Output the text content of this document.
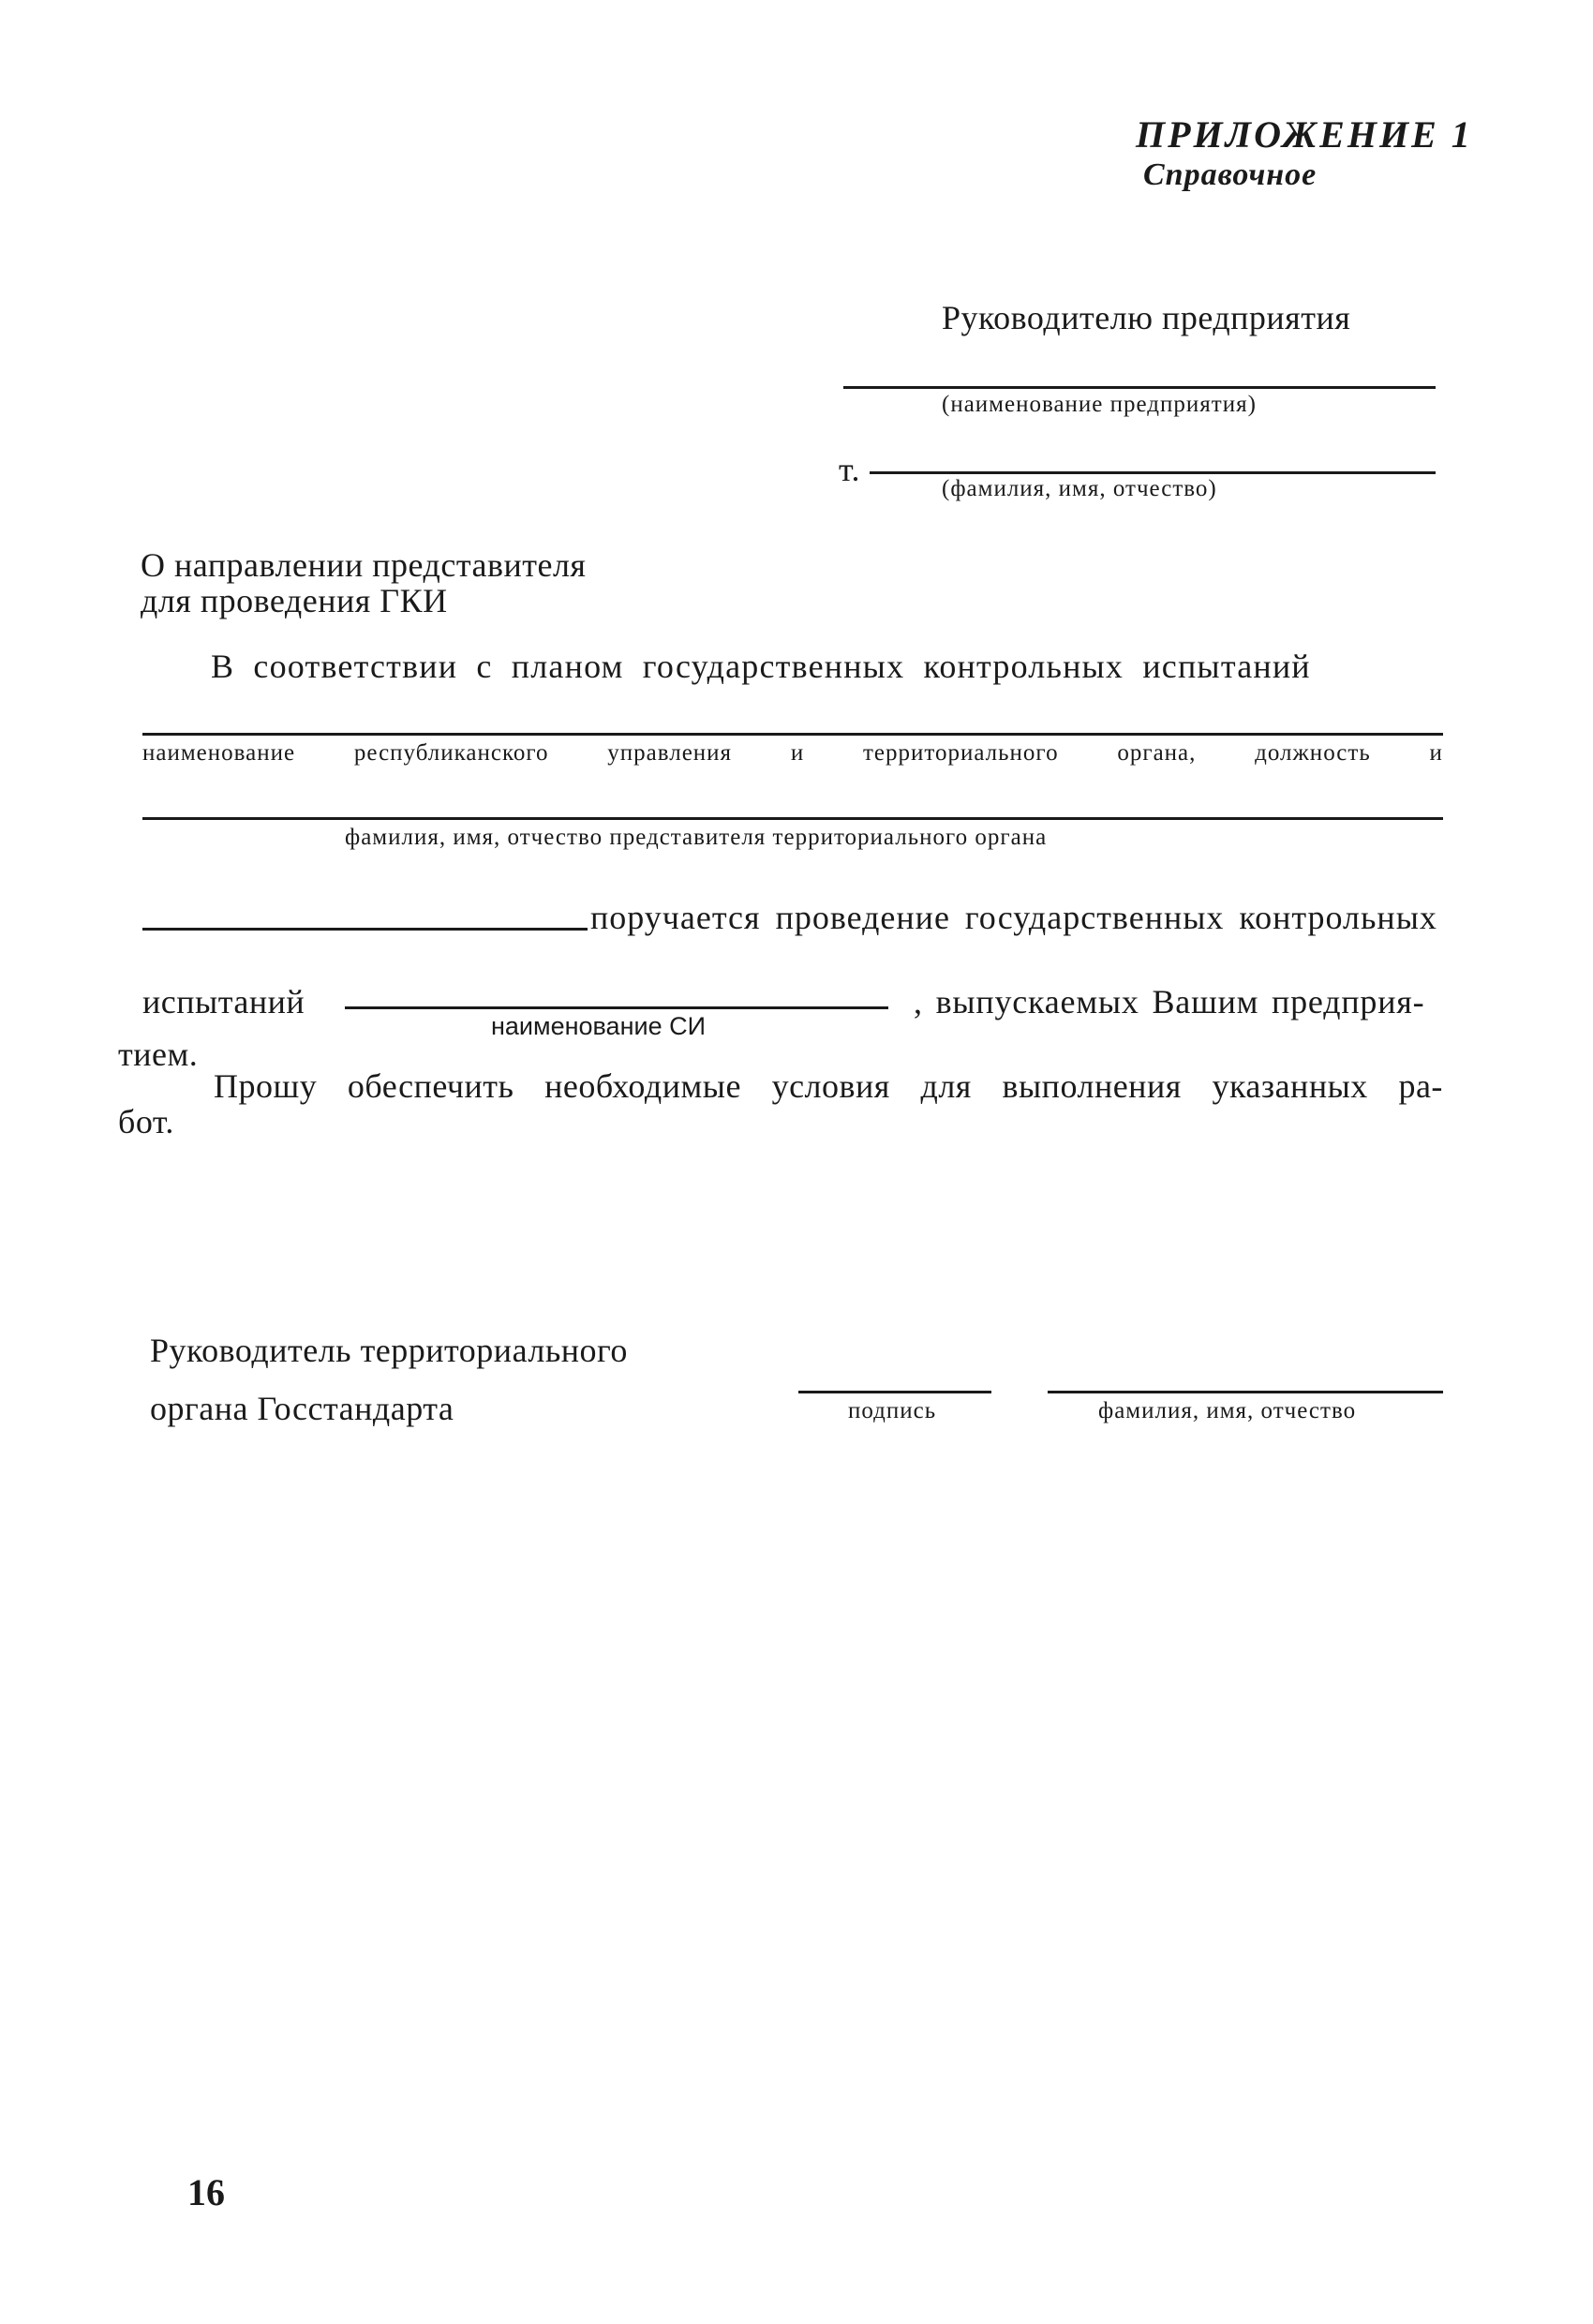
ПРИЛОЖЕНИЕ 1
Справочное
Руководителю предприятия
(наименование предприятия)
т.
(фамилия, имя, отчество)
О направлении представителя
для проведения ГКИ
В соответствии с планом государственных контрольных испытаний
наименование	республиканского	управления	и	территориального	органа,	должность	и
фамилия, имя, отчество представителя территориального органа
поручается проведение государственных контрольных
испытаний
наименование СИ
, выпускаемых Вашим предприя-
тием.
Прошу обеспечить необходимые условия для выполнения указанных ра-
бот.
Руководитель территориального
органа Госстандарта	подпись	фамилия, имя, отчество
16
